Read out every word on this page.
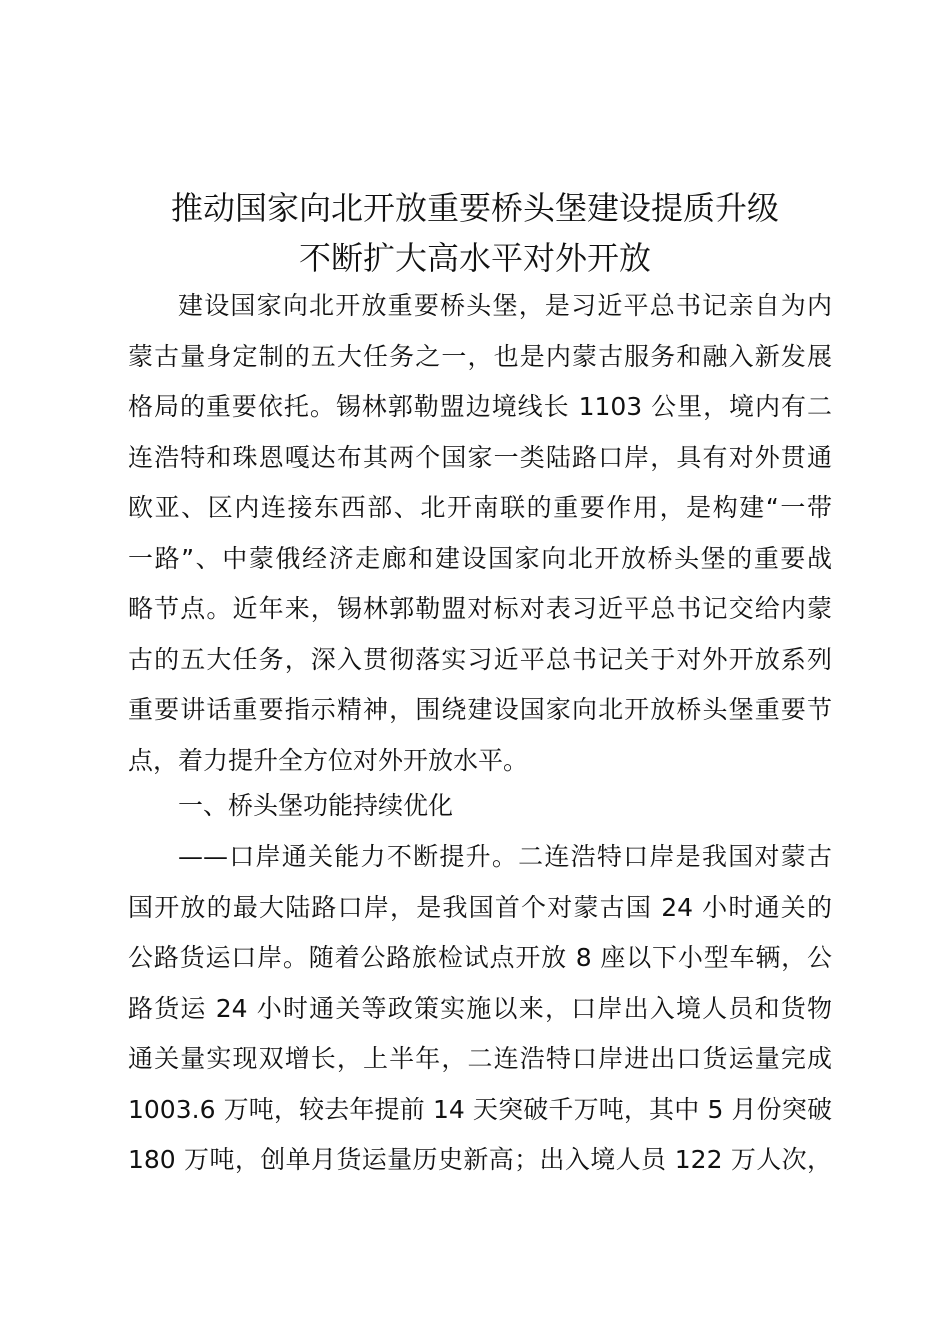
推动国家向北开放重要桥头堡建设提质升级
不断扩大高水平对外开放
建设国家向北开放重要桥头堡，是习近平总书记亲自为内
蒙古量身定制的五大任务之一，也是内蒙古服务和融入新发展
格局的重要依托。锡林郭勒盟边境线长 1103 公里，境内有二
连浩特和珠恩嘎达布其两个国家一类陆路口岸，具有对外贯通
欧亚、区内连接东西部、北开南联的重要作用，是构建“一带
一路”、中蒙俄经济走廊和建设国家向北开放桥头堡的重要战
略节点。近年来，锡林郭勒盟对标对表习近平总书记交给内蒙
古的五大任务，深入贯彻落实习近平总书记关于对外开放系列
重要讲话重要指示精神，围绕建设国家向北开放桥头堡重要节
点，着力提升全方位对外开放水平。
一、桥头堡功能持续优化
——口岸通关能力不断提升。二连浩特口岸是我国对蒙古
国开放的最大陆路口岸，是我国首个对蒙古国 24 小时通关的
公路货运口岸。随着公路旅检试点开放 8 座以下小型车辆，公
路货运 24 小时通关等政策实施以来，口岸出入境人员和货物
通关量实现双增长，上半年，二连浩特口岸进出口货运量完成
1003.6 万吨，较去年提前 14 天突破千万吨，其中 5 月份突破
180 万吨，创单月货运量历史新高；出入境人员 122 万人次，
